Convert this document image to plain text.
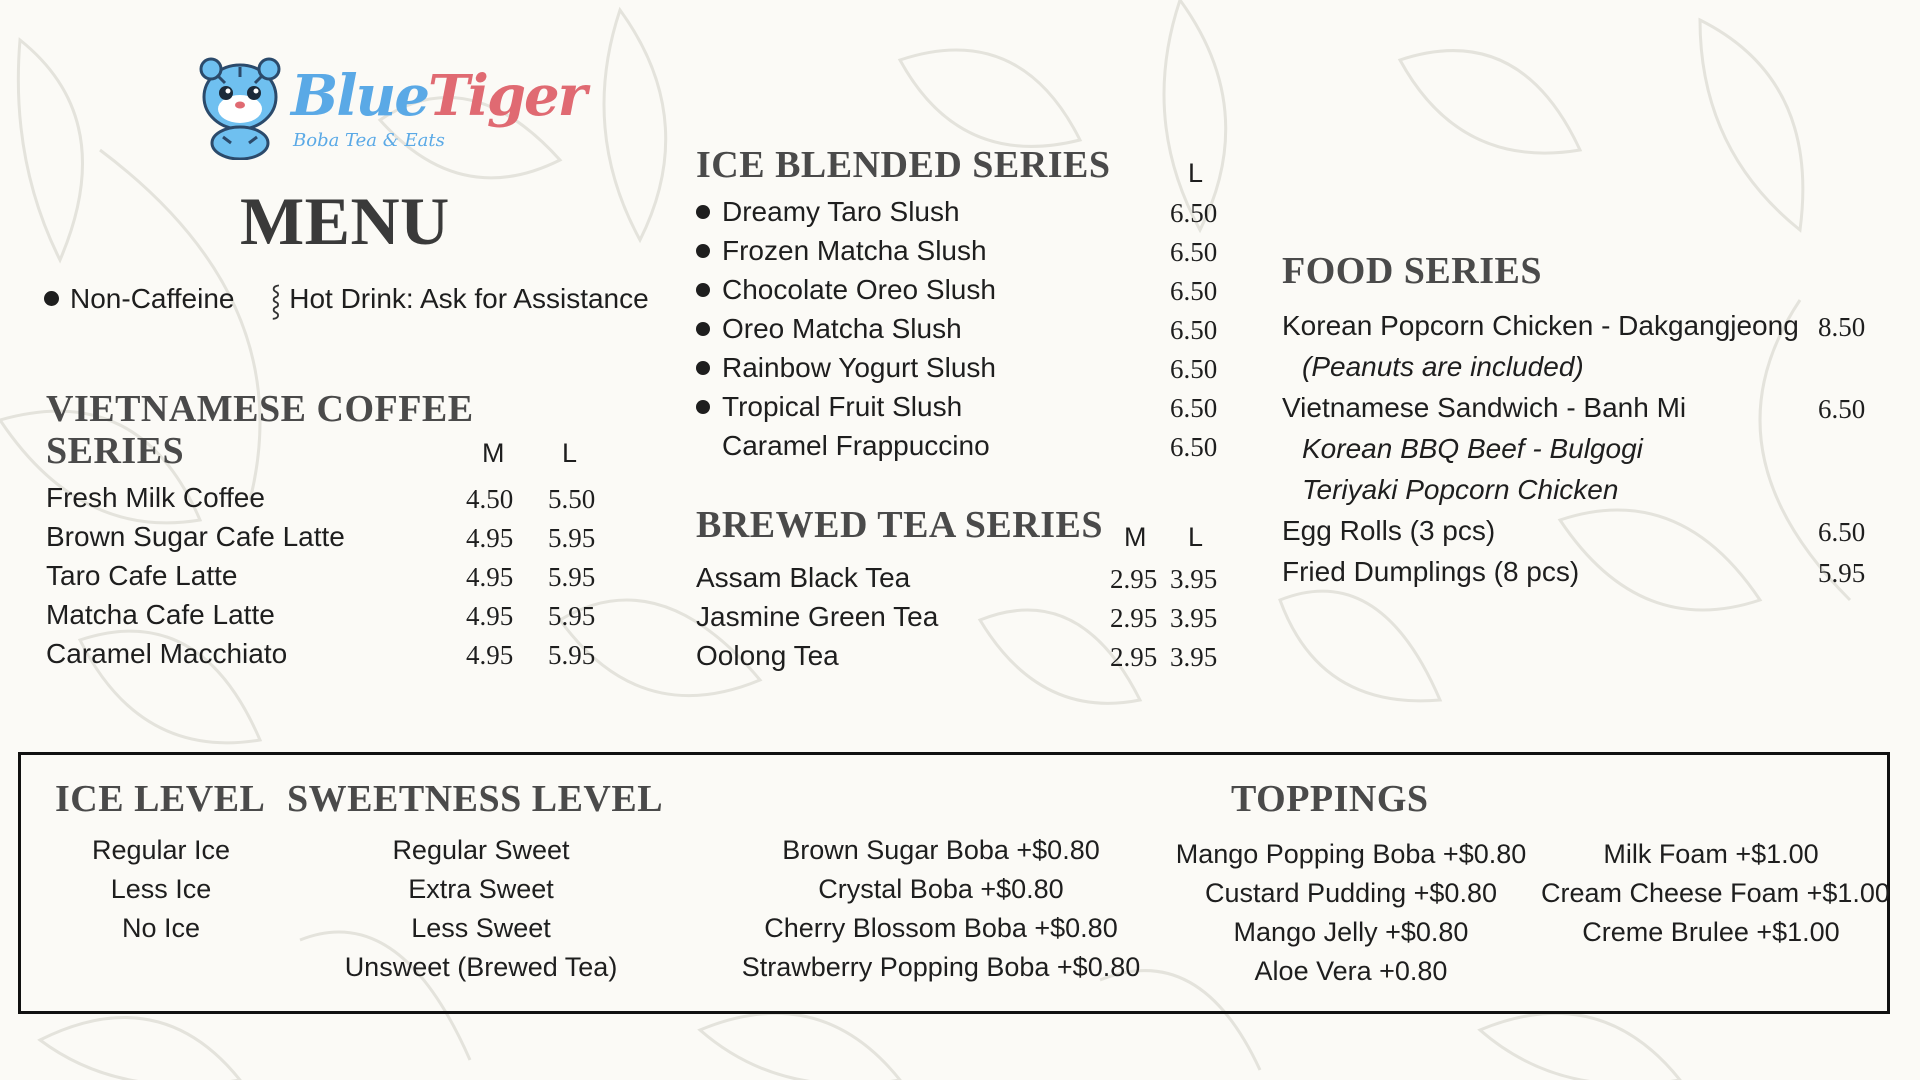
BlueTiger
Boba Tea & Eats
MENU
Non-Caffeine ⸾ Hot Drink: Ask for Assistance
VIETNAMESE COFFEE
SERIES	M L
Fresh Milk Coffee	4.50 5.50
Brown Sugar Cafe Latte	4.95 5.95
Taro Cafe Latte	4.95 5.95
Matcha Cafe Latte	4.95 5.95
Caramel Macchiato	4.95 5.95
ICE BLENDED SERIES	L
Dreamy Taro Slush	6.50
Frozen Matcha Slush	6.50
Chocolate Oreo Slush	6.50
Oreo Matcha Slush	6.50
Rainbow Yogurt Slush	6.50
Tropical Fruit Slush	6.50
Caramel Frappuccino	6.50
BREWED TEA SERIES M L
Assam Black Tea	2.95 3.95
Jasmine Green Tea	2.95 3.95
Oolong Tea	2.95 3.95
FOOD SERIES
Korean Popcorn Chicken - Dakgangjeong 8.50
(Peanuts are included)
Vietnamese Sandwich - Banh Mi	6.50
Korean BBQ Beef - Bulgogi
Teriyaki Popcorn Chicken
Egg Rolls (3 pcs)	6.50
Fried Dumplings (8 pcs)	5.95
ICE LEVEL
Regular Ice
Less Ice
No Ice
SWEETNESS LEVEL
Regular Sweet
Extra Sweet
Less Sweet
Unsweet (Brewed Tea)
TOPPINGS
Brown Sugar Boba +$0.80
Crystal Boba +$0.80
Cherry Blossom Boba +$0.80
Strawberry Popping Boba +$0.80
Mango Popping Boba +$0.80
Custard Pudding +$0.80
Mango Jelly +$0.80
Aloe Vera +0.80
Milk Foam +$1.00
Cream Cheese Foam +$1.00
Creme Brulee +$1.00
